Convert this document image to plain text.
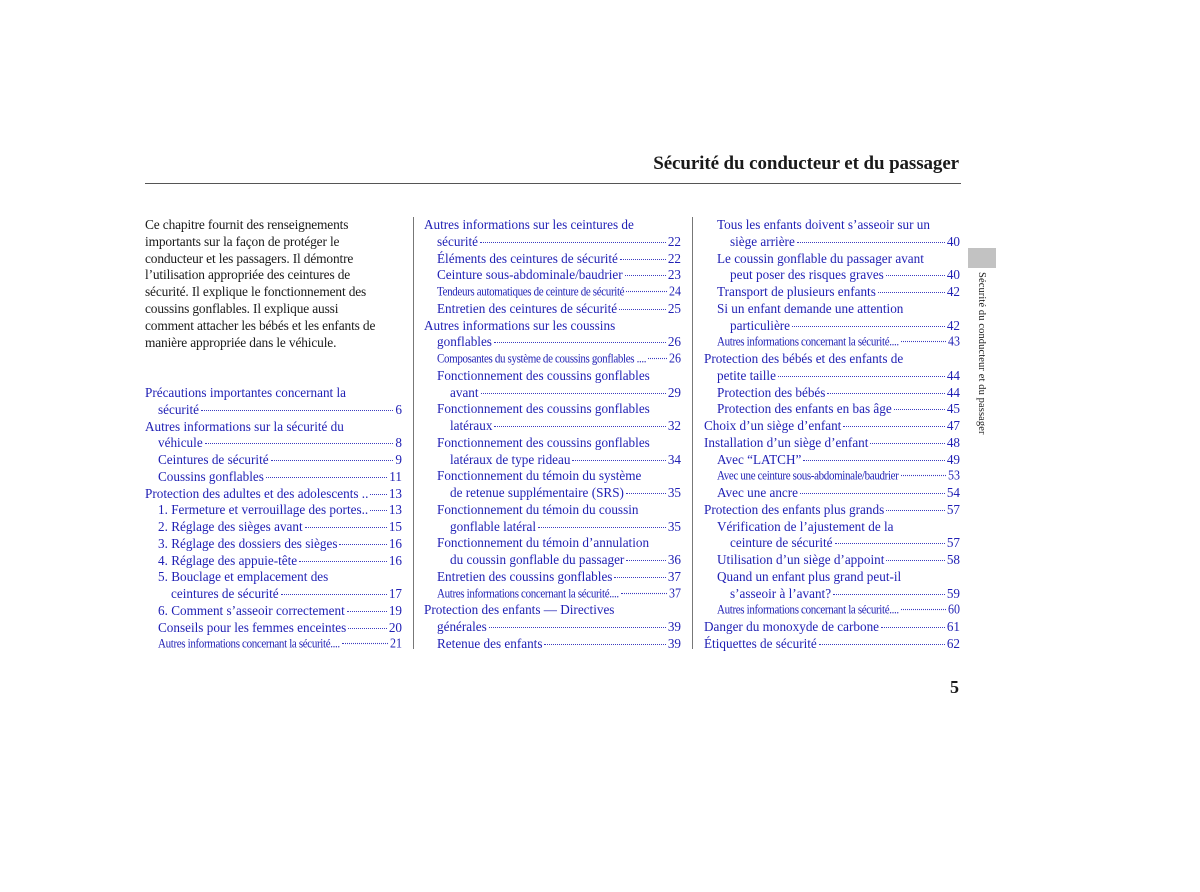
Sécurité du conducteur et du passager
Ce chapitre fournit des renseignements
importants sur la façon de protéger le
conducteur et les passagers. Il démontre
l’utilisation appropriée des ceintures de
sécurité. Il explique le fonctionnement des
coussins gonflables. Il explique aussi
comment attacher les bébés et les enfants de
manière appropriée dans le véhicule.
Précautions importantes concernant la
sécurité	6
Autres informations sur la sécurité du
véhicule	8
Ceintures de sécurité	9
Coussins gonflables	11
Protection des adultes et des adolescents .. 13
1. Fermeture et verrouillage des portes.. 13
2. Réglage des sièges avant	15
3. Réglage des dossiers des sièges	16
4. Réglage des appuie-tête	16
5. Bouclage et emplacement des
ceintures de sécurité	17
6. Comment s’asseoir correctement	19
Conseils pour les femmes enceintes	20
Autres informations concernant la sécurité....	21
Autres informations sur les ceintures de
sécurité	22
Éléments des ceintures de sécurité	22
Ceinture sous-abdominale/baudrier	23
Tendeurs automatiques de ceinture de sécurité	24
Entretien des ceintures de sécurité	25
Autres informations sur les coussins
gonflables	26
Composantes du système de coussins gonflables .... 26
Fonctionnement des coussins gonflables
avant	29
Fonctionnement des coussins gonflables
latéraux	32
Fonctionnement des coussins gonflables
latéraux de type rideau	34
Fonctionnement du témoin du système
de retenue supplémentaire (SRS)	35
Fonctionnement du témoin du coussin
gonflable latéral	35
Fonctionnement du témoin d’annulation
du coussin gonflable du passager	36
Entretien des coussins gonflables	37
Autres informations concernant la sécurité....	37
Protection des enfants — Directives
générales	39
Retenue des enfants	39
Tous les enfants doivent s’asseoir sur un
siège arrière	40
Le coussin gonflable du passager avant
peut poser des risques graves	40
Transport de plusieurs enfants	42
Si un enfant demande une attention
particulière	42
Autres informations concernant la sécurité....	43
Protection des bébés et des enfants de
petite taille	44
Protection des bébés	44
Protection des enfants en bas âge	45
Choix d’un siège d’enfant	47
Installation d’un siège d’enfant	48
Avec “LATCH”	49
Avec une ceinture sous-abdominale/baudrier	53
Avec une ancre	54
Protection des enfants plus grands	57
Vérification de l’ajustement de la
ceinture de sécurité	57
Utilisation d’un siège d’appoint	58
Quand un enfant plus grand peut-il
s’asseoir à l’avant?	59
Autres informations concernant la sécurité....	60
Danger du monoxyde de carbone	61
Étiquettes de sécurité	62
Sécurité du conducteur et du passager
5
